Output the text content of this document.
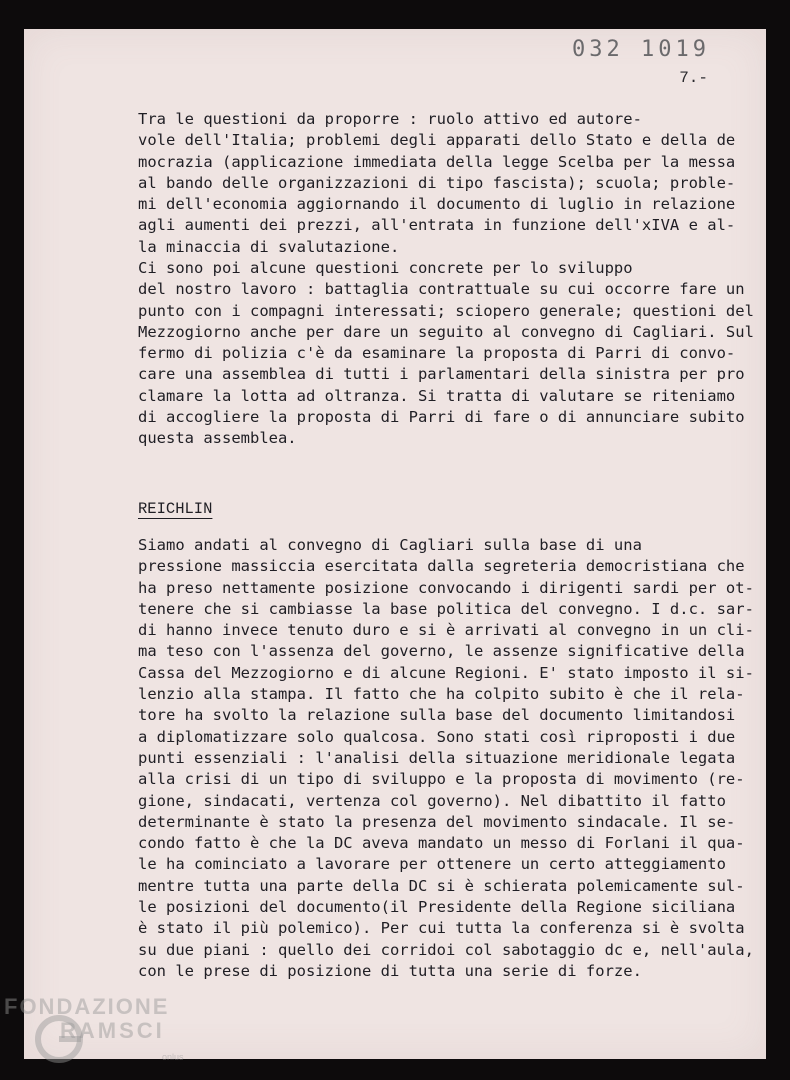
032 1019
7.-
Tra le questioni da proporre : ruolo attivo ed autore-
vole dell'Italia; problemi degli apparati dello Stato e della de
mocrazia (applicazione immediata della legge Scelba per la messa
al bando delle organizzazioni di tipo fascista); scuola; proble-
mi dell'economia aggiornando il documento di luglio in relazione
agli aumenti dei prezzi, all'entrata in funzione dell'xIVA e al-
la minaccia di svalutazione.
Ci sono poi alcune questioni concrete per lo sviluppo
del nostro lavoro : battaglia contrattuale su cui occorre fare un
punto con i compagni interessati; sciopero generale; questioni del
Mezzogiorno anche per dare un seguito al convegno di Cagliari. Sul
fermo di polizia c'è da esaminare la proposta di Parri di convo-
care una assemblea di tutti i parlamentari della sinistra per pro
clamare la lotta ad oltranza. Si tratta di valutare se riteniamo
di accogliere la proposta di Parri di fare o di annunciare subito
questa assemblea.
REICHLIN
Siamo andati al convegno di Cagliari sulla base di una
pressione massiccia esercitata dalla segreteria democristiana che
ha preso nettamente posizione convocando i dirigenti sardi per ot-
tenere che si cambiasse la base politica del convegno. I d.c. sar-
di hanno invece tenuto duro e si è arrivati al convegno in un cli-
ma teso con l'assenza del governo, le assenze significative della
Cassa del Mezzogiorno e di alcune Regioni. E' stato imposto il si-
lenzio alla stampa. Il fatto che ha colpito subito è che il rela-
tore ha svolto la relazione sulla base del documento limitandosi
a diplomatizzare solo qualcosa. Sono stati così riproposti i due
punti essenziali : l'analisi della situazione meridionale legata
alla crisi di un tipo di sviluppo e la proposta di movimento (re-
gione, sindacati, vertenza col governo). Nel dibattito il fatto
determinante è stato la presenza del movimento sindacale. Il se-
condo fatto è che la DC aveva mandato un messo di Forlani il qua-
le ha cominciato a lavorare per ottenere un certo atteggiamento
mentre tutta una parte della DC si è schierata polemicamente sul-
le posizioni del documento(il Presidente della Regione siciliana
è stato il più polemico). Per cui tutta la conferenza si è svolta
su due piani : quello dei corridoi col sabotaggio dc e, nell'aula,
con le prese di posizione di tutta una serie di forze.
FONDAZIONE
RAMSCI
onlus
